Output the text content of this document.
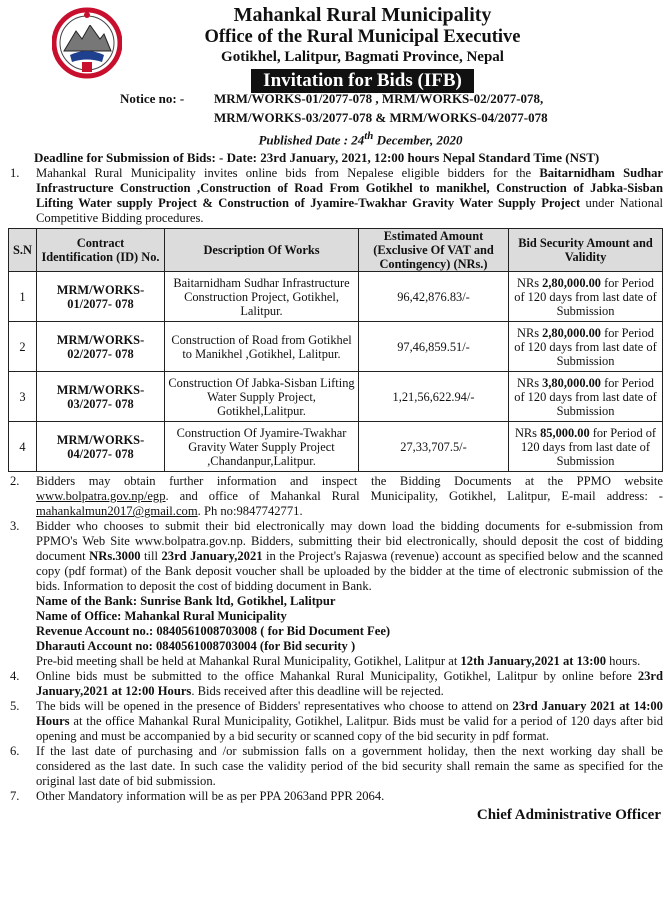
Mahankal Rural Municipality
Office of the Rural Municipal Executive
Gotikhel, Lalitpur, Bagmati Province, Nepal
Invitation for Bids (IFB)
Notice no: - MRM/WORKS-01/2077-078 , MRM/WORKS-02/2077-078,
MRM/WORKS-03/2077-078 & MRM/WORKS-04/2077-078
Published Date : 24th December, 2020
Deadline for Submission of Bids: - Date: 23rd January, 2021, 12:00 hours Nepal Standard Time (NST)
1. Mahankal Rural Municipality invites online bids from Nepalese eligible bidders for the Baitarnidham Sudhar Infrastructure Construction ,Construction of Road From Gotikhel to manikhel, Construction of Jabka-Sisban Lifting Water supply Project & Construction of Jyamire-Twakhar Gravity Water Supply Project under National Competitive Bidding procedures.
S.N	Contract Identification (ID) No.	Description Of Works	Estimated Amount (Exclusive Of VAT and Contingency) (NRs.)	Bid Security Amount and Validity
1	MRM/WORKS-01/2077- 078	Baitarnidham Sudhar Infrastructure Construction Project, Gotikhel, Lalitpur.	96,42,876.83/-	NRs 2,80,000.00 for Period of 120 days from last date of Submission
2	MRM/WORKS-02/2077- 078	Construction of Road from Gotikhel to Manikhel ,Gotikhel, Lalitpur.	97,46,859.51/-	NRs 2,80,000.00 for Period of 120 days from last date of Submission
3	MRM/WORKS-03/2077- 078	Construction Of Jabka-Sisban Lifting Water Supply Project, Gotikhel,Lalitpur.	1,21,56,622.94/-	NRs 3,80,000.00 for Period of 120 days from last date of Submission
4	MRM/WORKS-04/2077- 078	Construction Of Jyamire-Twakhar Gravity Water Supply Project ,Chandanpur,Lalitpur.	27,33,707.5/-	NRs 85,000.00 for Period of 120 days from last date of Submission
2. Bidders may obtain further information and inspect the Bidding Documents at the PPMO website www.bolpatra.gov.np/egp. and office of Mahankal Rural Municipality, Gotikhel, Lalitpur, E-mail address: - mahankalmun2017@gmail.com. Ph no:9847742771.
3. Bidder who chooses to submit their bid electronically may down load the bidding documents for e-submission from PPMO's Web Site www.bolpatra.gov.np. Bidders, submitting their bid electronically, should deposit the cost of bidding document NRs.3000 till 23rd January,2021 in the Project's Rajaswa (revenue) account as specified below and the scanned copy (pdf format) of the Bank deposit voucher shall be uploaded by the bidder at the time of electronic submission of the bids. Information to deposit the cost of bidding document in Bank.
Name of the Bank: Sunrise Bank ltd, Gotikhel, Lalitpur
Name of Office: Mahankal Rural Municipality
Revenue Account no.: 0840561008703008 ( for Bid Document Fee)
Dharauti Account no: 0840561008703004 (for Bid security )
Pre-bid meeting shall be held at Mahankal Rural Municipality, Gotikhel, Lalitpur at 12th January,2021 at 13:00 hours.
4. Online bids must be submitted to the office Mahankal Rural Municipality, Gotikhel, Lalitpur by online before 23rd January,2021 at 12:00 Hours. Bids received after this deadline will be rejected.
5. The bids will be opened in the presence of Bidders' representatives who choose to attend on 23rd January 2021 at 14:00 Hours at the office Mahankal Rural Municipality, Gotikhel, Lalitpur. Bids must be valid for a period of 120 days after bid opening and must be accompanied by a bid security or scanned copy of the bid security in pdf format.
6. If the last date of purchasing and /or submission falls on a government holiday, then the next working day shall be considered as the last date. In such case the validity period of the bid security shall remain the same as specified for the original last date of bid submission.
7. Other Mandatory information will be as per PPA 2063and PPR 2064.
Chief Administrative Officer
